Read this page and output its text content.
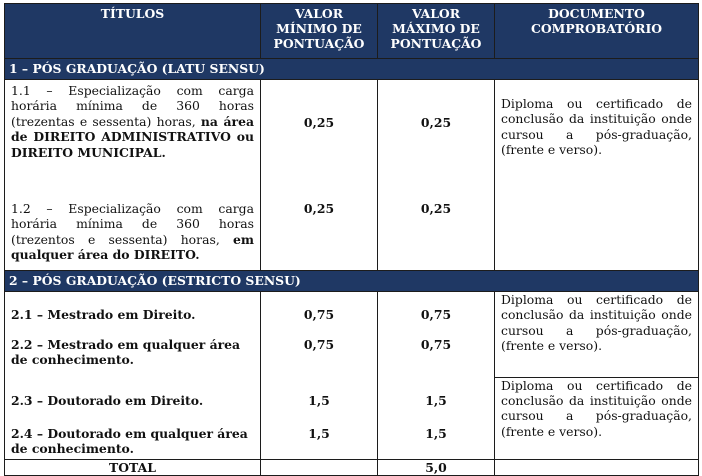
TÍTULOS	VALOR MÍNIMO DE PONTUAÇÃO	VALOR MÁXIMO DE PONTUAÇÃO	DOCUMENTO COMPROBATÓRIO
1 – PÓS GRADUAÇÃO (LATU SENSU)			
1.1 – Especialização com carga horária mínima de 360 horas (trezentas e sessenta) horas, na área de DIREITO ADMINISTRATIVO ou DIREITO MUNICIPAL.	0,25	0,25	Diploma ou certificado de conclusão da instituição onde cursou a pós-graduação, (frente e verso).
1.2 – Especialização com carga horária mínima de 360 horas (trezentos e sessenta) horas, em qualquer área do DIREITO.	0,25	0,25	
2 – PÓS GRADUAÇÃO (ESTRICTO SENSU)			
2.1 – Mestrado em Direito.	0,75	0,75	Diploma ou certificado de conclusão da instituição onde cursou a pós-graduação, (frente e verso).
2.2 – Mestrado em qualquer área de conhecimento.	0,75	0,75	
2.3 – Doutorado em Direito.	1,5	1,5	Diploma ou certificado de conclusão da instituição onde cursou a pós-graduação, (frente e verso).
2.4 – Doutorado em qualquer área de conhecimento.	1,5	1,5	
TOTAL		5,0	
